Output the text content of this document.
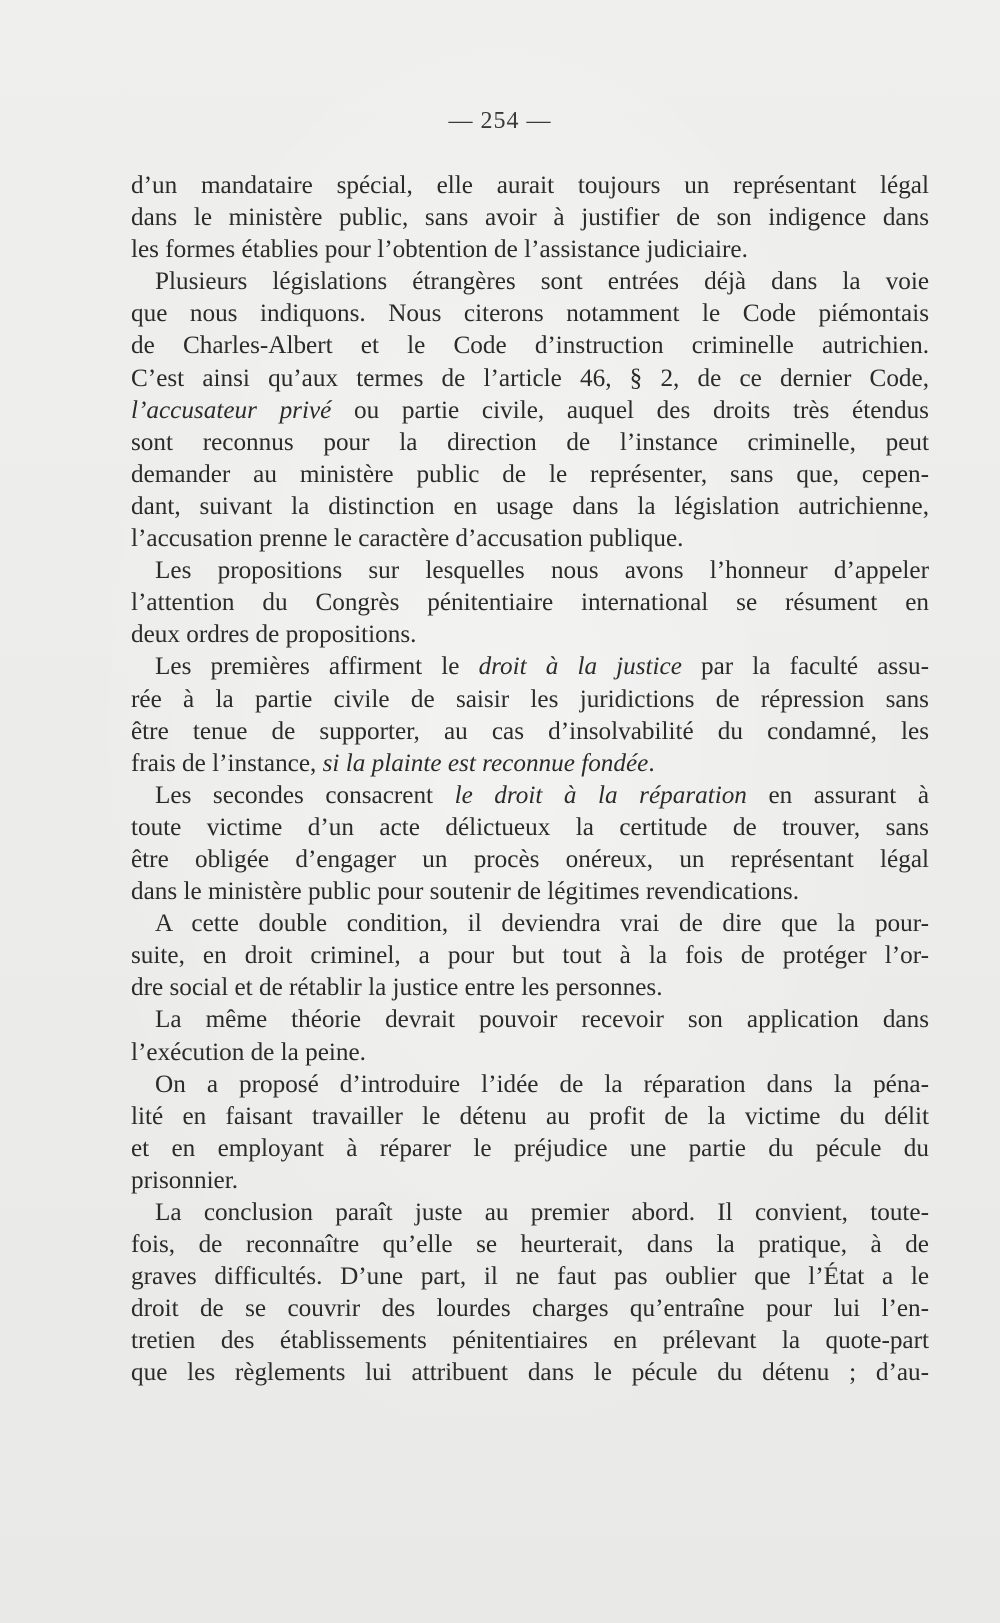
— 254 —
d’un mandataire spécial, elle aurait toujours un représentant légal
dans le ministère public, sans avoir à justifier de son indigence dans
les formes établies pour l’obtention de l’assistance judiciaire.
Plusieurs législations étrangères sont entrées déjà dans la voie
que nous indiquons. Nous citerons notamment le Code piémontais
de Charles-Albert et le Code d’instruction criminelle autrichien.
C’est ainsi qu’aux termes de l’article 46, § 2, de ce dernier Code,
l’accusateur privé ou partie civile, auquel des droits très étendus
sont reconnus pour la direction de l’instance criminelle, peut
demander au ministère public de le représenter, sans que, cepen-
dant, suivant la distinction en usage dans la législation autrichienne,
l’accusation prenne le caractère d’accusation publique.
Les propositions sur lesquelles nous avons l’honneur d’appeler
l’attention du Congrès pénitentiaire international se résument en
deux ordres de propositions.
Les premières affirment le droit à la justice par la faculté assu-
rée à la partie civile de saisir les juridictions de répression sans
être tenue de supporter, au cas d’insolvabilité du condamné, les
frais de l’instance, si la plainte est reconnue fondée.
Les secondes consacrent le droit à la réparation en assurant à
toute victime d’un acte délictueux la certitude de trouver, sans
être obligée d’engager un procès onéreux, un représentant légal
dans le ministère public pour soutenir de légitimes revendications.
A cette double condition, il deviendra vrai de dire que la pour-
suite, en droit criminel, a pour but tout à la fois de protéger l’or-
dre social et de rétablir la justice entre les personnes.
La même théorie devrait pouvoir recevoir son application dans
l’exécution de la peine.
On a proposé d’introduire l’idée de la réparation dans la péna-
lité en faisant travailler le détenu au profit de la victime du délit
et en employant à réparer le préjudice une partie du pécule du
prisonnier.
La conclusion paraît juste au premier abord. Il convient, toute-
fois, de reconnaître qu’elle se heurterait, dans la pratique, à de
graves difficultés. D’une part, il ne faut pas oublier que l’État a le
droit de se couvrir des lourdes charges qu’entraîne pour lui l’en-
tretien des établissements pénitentiaires en prélevant la quote-part
que les règlements lui attribuent dans le pécule du détenu ; d’au-
